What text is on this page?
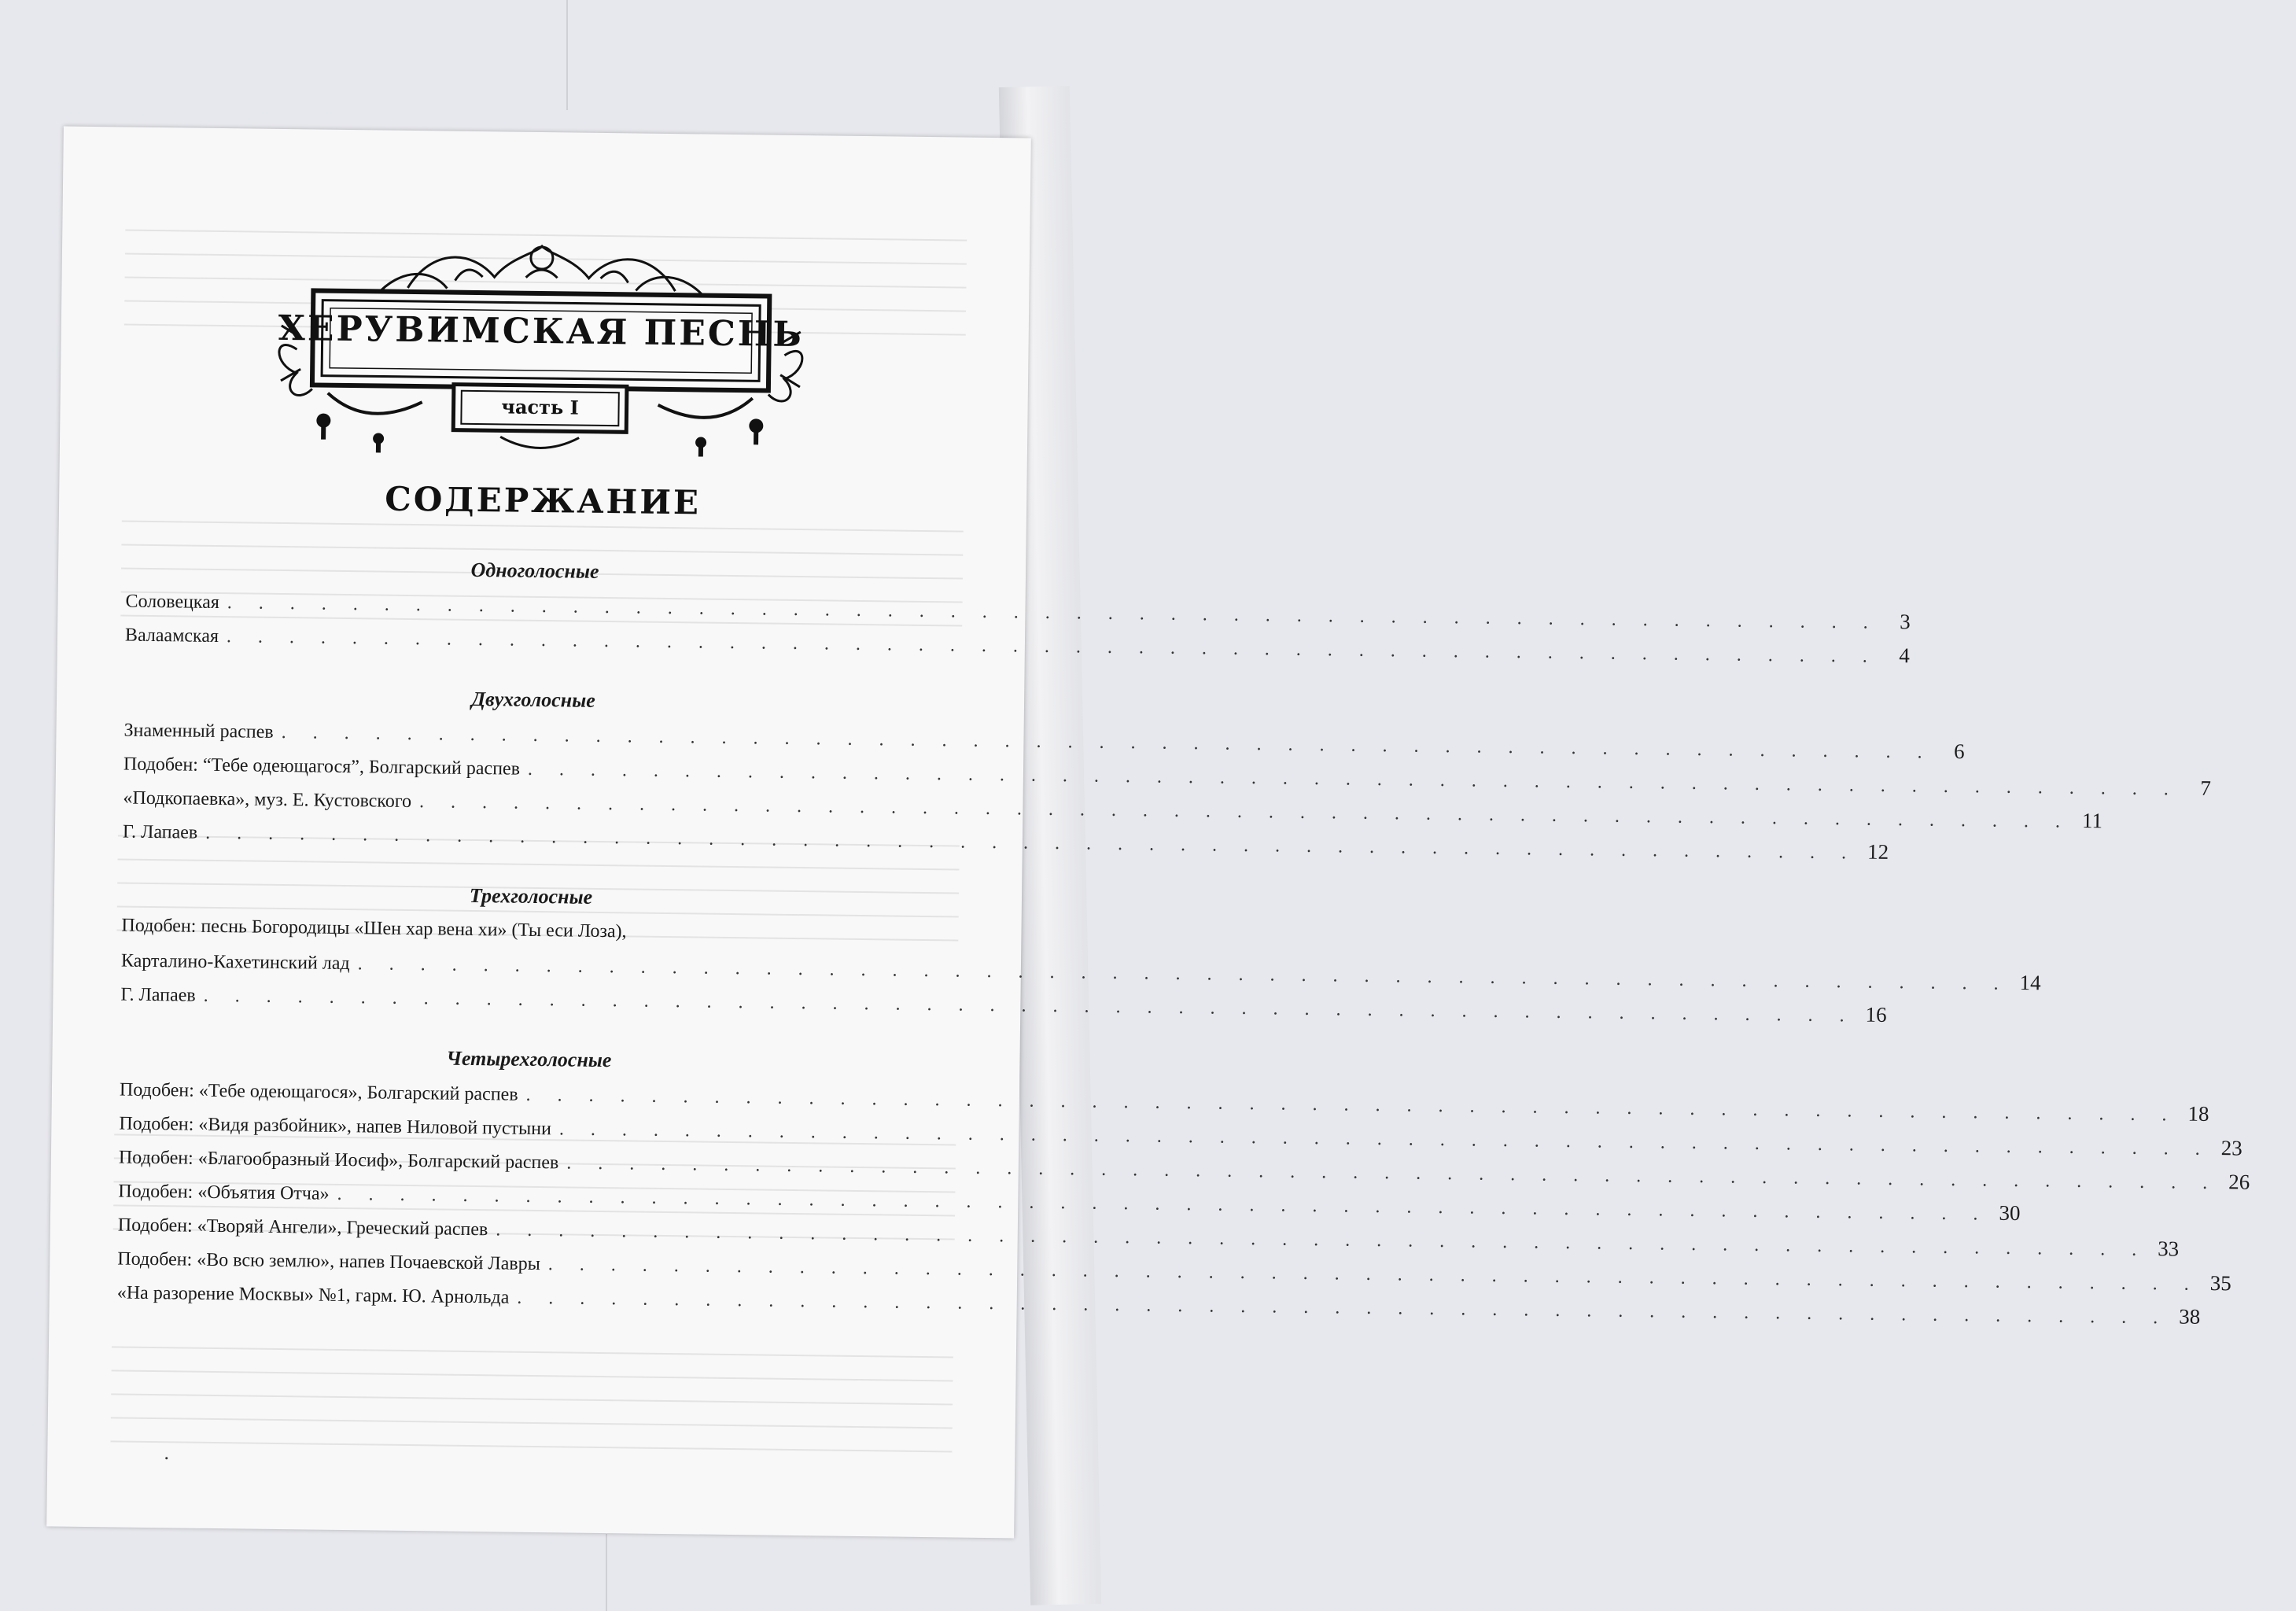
ХЕРУВИМСКАЯ ПЕСНЬ
часть I
СОДЕРЖАНИЕ
Одноголосные
Соловецкая . . . . . . . . . . . . . . . . . . . . . . . . . . . . . . . . . . . . . . . . . . . . . . . . . . . . . 3
Валаамская . . . . . . . . . . . . . . . . . . . . . . . . . . . . . . . . . . . . . . . . . . . . . . . . . . . . . 4
Двухголосные
Знаменный распев . . . . . . . . . . . . . . . . . . . . . . . . . . . . . . . . . . . . . . . . . . . . . . . . . . . . . 6
Подобен: “Тебе одеющагося”, Болгарский распев . . . . . . . . . . . . . . . . . . . . . . . . . . . . . . . . . . . . . . . . . . . . . . . . . . . . . 7
«Подкопаевка», муз. Е. Кустовского . . . . . . . . . . . . . . . . . . . . . . . . . . . . . . . . . . . . . . . . . . . . . . . . . . . . . 11
Г. Лапаев . . . . . . . . . . . . . . . . . . . . . . . . . . . . . . . . . . . . . . . . . . . . . . . . . . . . . 12
Трехголосные
Подобен: песнь Богородицы «Шен хар вена хи» (Ты еси Лоза),
Карталино-Кахетинский лад . . . . . . . . . . . . . . . . . . . . . . . . . . . . . . . . . . . . . . . . . . . . . . . . . . . . . 14
Г. Лапаев . . . . . . . . . . . . . . . . . . . . . . . . . . . . . . . . . . . . . . . . . . . . . . . . . . . . . 16
Четырехголосные
Подобен: «Тебе одеющагося», Болгарский распев . . . . . . . . . . . . . . . . . . . . . . . . . . . . . . . . . . . . . . . . . . . . . . . . . . . . . 18
Подобен: «Видя разбойник», напев Ниловой пустыни . . . . . . . . . . . . . . . . . . . . . . . . . . . . . . . . . . . . . . . . . . . . . . . . . . . . . 23
Подобен: «Благообразный Иосиф», Болгарский распев . . . . . . . . . . . . . . . . . . . . . . . . . . . . . . . . . . . . . . . . . . . . . . . . . . . . . 26
Подобен: «Объятия Отча» . . . . . . . . . . . . . . . . . . . . . . . . . . . . . . . . . . . . . . . . . . . . . . . . . . . . . 30
Подобен: «Творяй Ангели», Греческий распев . . . . . . . . . . . . . . . . . . . . . . . . . . . . . . . . . . . . . . . . . . . . . . . . . . . . . 33
Подобен: «Во всю землю», напев Почаевской Лавры . . . . . . . . . . . . . . . . . . . . . . . . . . . . . . . . . . . . . . . . . . . . . . . . . . . . . 35
«На разорение Москвы» №1, гарм. Ю. Арнольда . . . . . . . . . . . . . . . . . . . . . . . . . . . . . . . . . . . . . . . . . . . . . . . . . . . . . 38
